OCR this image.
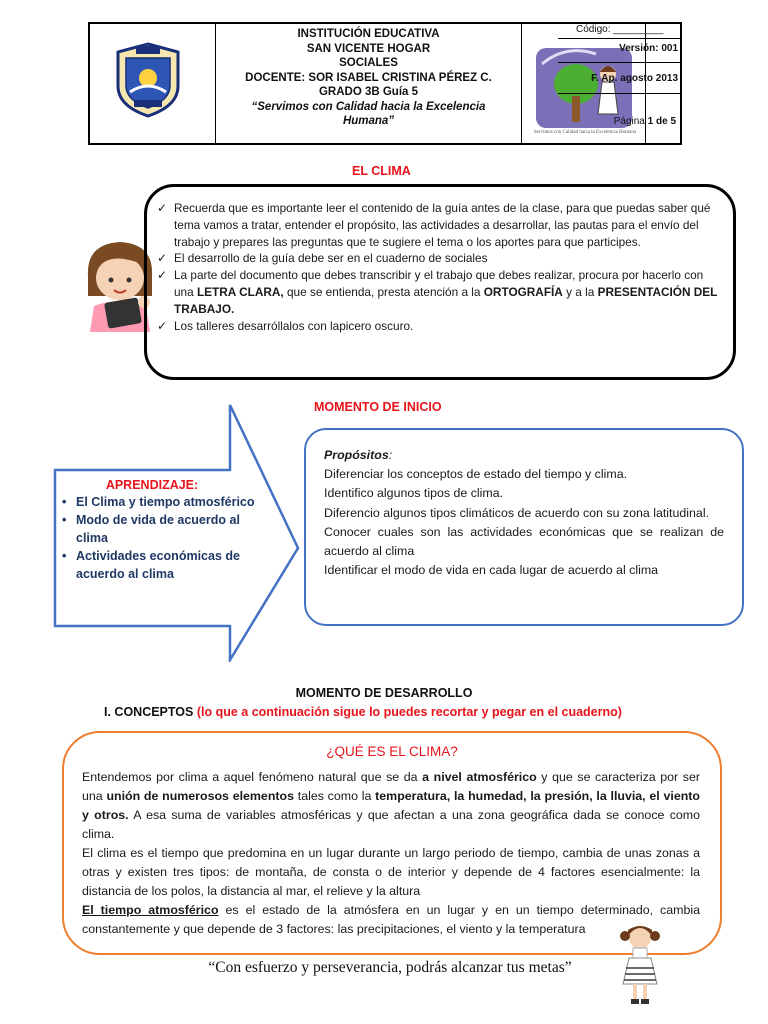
INSTITUCIÓN EDUCATIVA
SAN VICENTE HOGAR
SOCIALES
DOCENTE: SOR ISABEL CRISTINA PÉREZ C.
GRADO 3B Guía 5
“Servimos con Calidad hacia la Excelencia Humana”
Servimos con Calidad hacia la Excelencia Humana
Código: _________
Versión: 001
F. Ap. agosto 2013
Página 1 de 5
EL CLIMA
✓ Recuerda que es importante leer el contenido de la guía antes de la clase, para que puedas saber qué tema vamos a tratar, entender el propósito, las actividades a desarrollar, las pautas para el envío del trabajo y prepares las preguntas que te sugiere el tema o los aportes para que participes.
✓ El desarrollo de la guía debe ser en el cuaderno de sociales
✓ La parte del documento que debes transcribir y el trabajo que debes realizar, procura por hacerlo con una LETRA CLARA, que se entienda, presta atención a la ORTOGRAFÍA y a la PRESENTACIÓN DEL TRABAJO.
✓ Los talleres desarróllalos con lapicero oscuro.
MOMENTO DE INICIO
APRENDIZAJE:
• El Clima y tiempo atmosférico
• Modo de vida de acuerdo al clima
• Actividades económicas de acuerdo al clima

Propósitos:

Diferenciar los conceptos de estado del tiempo y clima.

Identifico algunos tipos de clima.

Diferencio algunos tipos climáticos de acuerdo con su zona latitudinal.

Conocer cuales son las actividades económicas que se realizan de acuerdo al clima

Identificar el modo de vida en cada lugar de acuerdo al clima

MOMENTO DE DESARROLLO
I. CONCEPTOS (lo que a continuación sigue lo puedes recortar y pegar en el cuaderno)
¿QUÉ ES EL CLIMA?

Entendemos por clima a aquel fenómeno natural que se da a nivel atmosférico y que se caracteriza por ser una unión de numerosos elementos tales como la temperatura, la humedad, la presión, la lluvia, el viento y otros. A esa suma de variables atmosféricas y que afectan a una zona geográfica dada se conoce como clima.

El clima es el tiempo que predomina en un lugar durante un largo periodo de tiempo, cambia de unas zonas a otras y existen tres tipos: de montaña, de consta o de interior y depende de 4 factores esencialmente: la distancia de los polos, la distancia al mar, el relieve y la altura

El tiempo atmosférico es el estado de la atmósfera en un lugar y en un tiempo determinado, cambia constantemente y que depende de 3 factores: las precipitaciones, el viento y la temperatura

“Con esfuerzo y perseverancia, podrás alcanzar tus metas”
